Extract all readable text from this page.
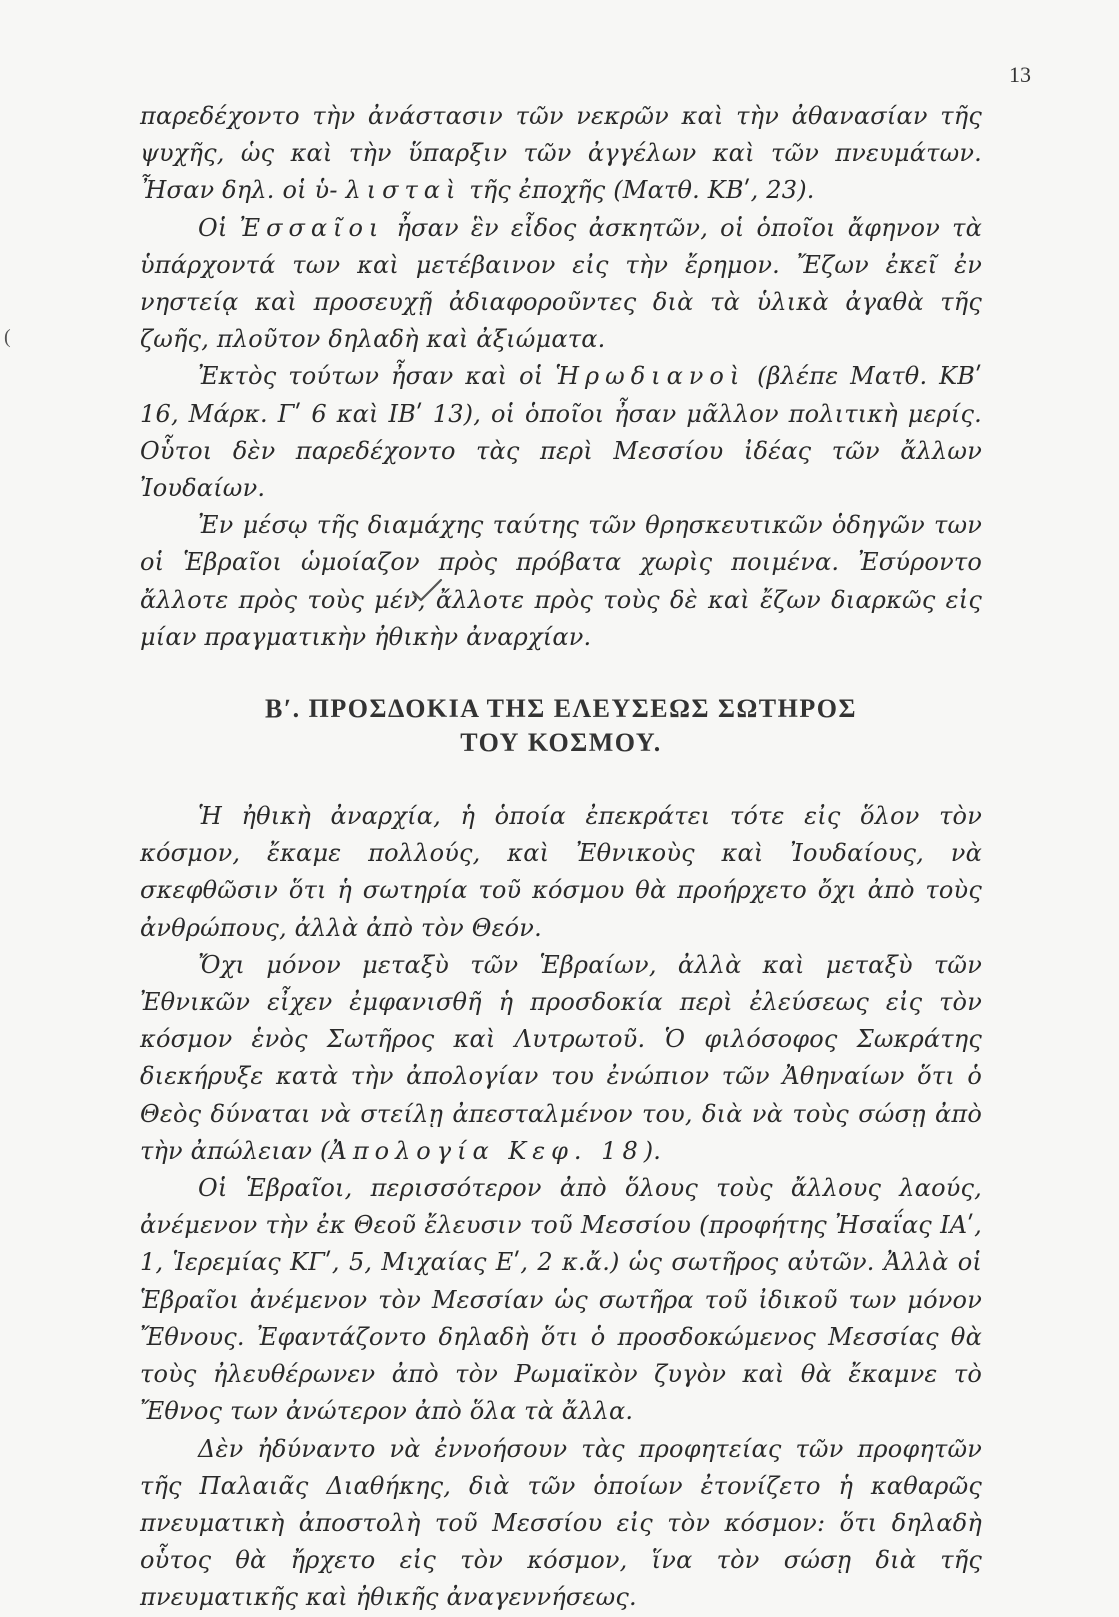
13
(

παρεδέχοντο τὴν ἀνάστασιν τῶν νεκρῶν καὶ τὴν ἀθανασίαν τῆς ψυχῆς, ὡς καὶ τὴν ὕπαρξιν τῶν ἀγγέλων καὶ τῶν πνευμάτων. Ἦσαν δηλ. οἱ ὑ- λισταὶ τῆς ἐποχῆς (Ματθ. ΚΒʹ, 23).

Οἱ Ἐσσαῖοι ἦσαν ἓν εἶδος ἀσκητῶν, οἱ ὁποῖοι ἄφηνον τὰ ὑπάρχοντά των καὶ μετέβαινον εἰς τὴν ἔρημον. Ἔζων ἐκεῖ ἐν νηστείᾳ καὶ προσευχῇ ἀδιαφοροῦντες διὰ τὰ ὑλικὰ ἀγαθὰ τῆς ζωῆς, πλοῦτον δηλαδὴ καὶ ἀξιώματα.

Ἐκτὸς τούτων ἦσαν καὶ οἱ Ἡρωδιανοὶ (βλέπε Ματθ. ΚΒʹ 16, Μάρκ. Γʹ 6 καὶ ΙΒʹ 13), οἱ ὁποῖοι ἦσαν μᾶλλον πολιτικὴ μερίς. Οὗτοι δὲν παρεδέχοντο τὰς περὶ Μεσσίου ἰδέας τῶν ἄλλων Ἰουδαίων.

Ἐν μέσῳ τῆς διαμάχης ταύτης τῶν θρησκευτικῶν ὁδηγῶν των οἱ Ἑβραῖοι ὡμοίαζον πρὸς πρόβατα χωρὶς ποιμένα. Ἐσύροντο ἄλλοτε πρὸς τοὺς μέν, ἄλλοτε πρὸς τοὺς δὲ καὶ ἔζων διαρκῶς εἰς μίαν πραγματικὴν ἠθικὴν ἀναρχίαν.

Βʹ. ΠΡΟΣΔΟΚΙΑ ΤΗΣ ΕΛΕΥΣΕΩΣ ΣΩΤΗΡΟΣ
ΤΟΥ ΚΟΣΜΟΥ.

Ἡ ἠθικὴ ἀναρχία, ἡ ὁποία ἐπεκράτει τότε εἰς ὅλον τὸν κόσμον, ἔκαμε πολλούς, καὶ Ἐθνικοὺς καὶ Ἰουδαίους, νὰ σκεφθῶσιν ὅτι ἡ σωτηρία τοῦ κόσμου θὰ προήρχετο ὄχι ἀπὸ τοὺς ἀνθρώπους, ἀλλὰ ἀπὸ τὸν Θεόν.

Ὄχι μόνον μεταξὺ τῶν Ἑβραίων, ἀλλὰ καὶ μεταξὺ τῶν Ἐθνικῶν εἶχεν ἐμφανισθῆ ἡ προσδοκία περὶ ἐλεύσεως εἰς τὸν κόσμον ἑνὸς Σωτῆρος καὶ Λυτρωτοῦ. Ὁ φιλόσοφος Σωκράτης διεκήρυξε κατὰ τὴν ἀπολογίαν του ἐνώπιον τῶν Ἀθηναίων ὅτι ὁ Θεὸς δύναται νὰ στείλῃ ἀπεσταλμένον του, διὰ νὰ τοὺς σώσῃ ἀπὸ τὴν ἀπώλειαν (Ἀπολογία Κεφ. 18).

Οἱ Ἑβραῖοι, περισσότερον ἀπὸ ὅλους τοὺς ἄλλους λαούς, ἀνέμενον τὴν ἐκ Θεοῦ ἔλευσιν τοῦ Μεσσίου (προφήτης Ἠσαΐας ΙΑʹ, 1, Ἱερεμίας ΚΓʹ, 5, Μιχαίας Εʹ, 2 κ.ἄ.) ὡς σωτῆρος αὐτῶν. Ἀλλὰ οἱ Ἑβραῖοι ἀνέμενον τὸν Μεσσίαν ὡς σωτῆρα τοῦ ἰδικοῦ των μόνον Ἔθνους. Ἐφαντάζοντο δηλαδὴ ὅτι ὁ προσδοκώμενος Μεσσίας θὰ τοὺς ἠλευθέρωνεν ἀπὸ τὸν Ρωμαϊκὸν ζυγὸν καὶ θὰ ἔκαμνε τὸ Ἔθνος των ἀνώτερον ἀπὸ ὅλα τὰ ἄλλα.

Δὲν ἠδύναντο νὰ ἐννοήσουν τὰς προφητείας τῶν προφητῶν τῆς Παλαιᾶς Διαθήκης, διὰ τῶν ὁποίων ἐτονίζετο ἡ καθαρῶς πνευματικὴ ἀποστολὴ τοῦ Μεσσίου εἰς τὸν κόσμον: ὅτι δηλαδὴ οὗτος θὰ ἤρχετο εἰς τὸν κόσμον, ἵνα τὸν σώσῃ διὰ τῆς πνευματικῆς καὶ ἠθικῆς ἀναγεννήσεως.
